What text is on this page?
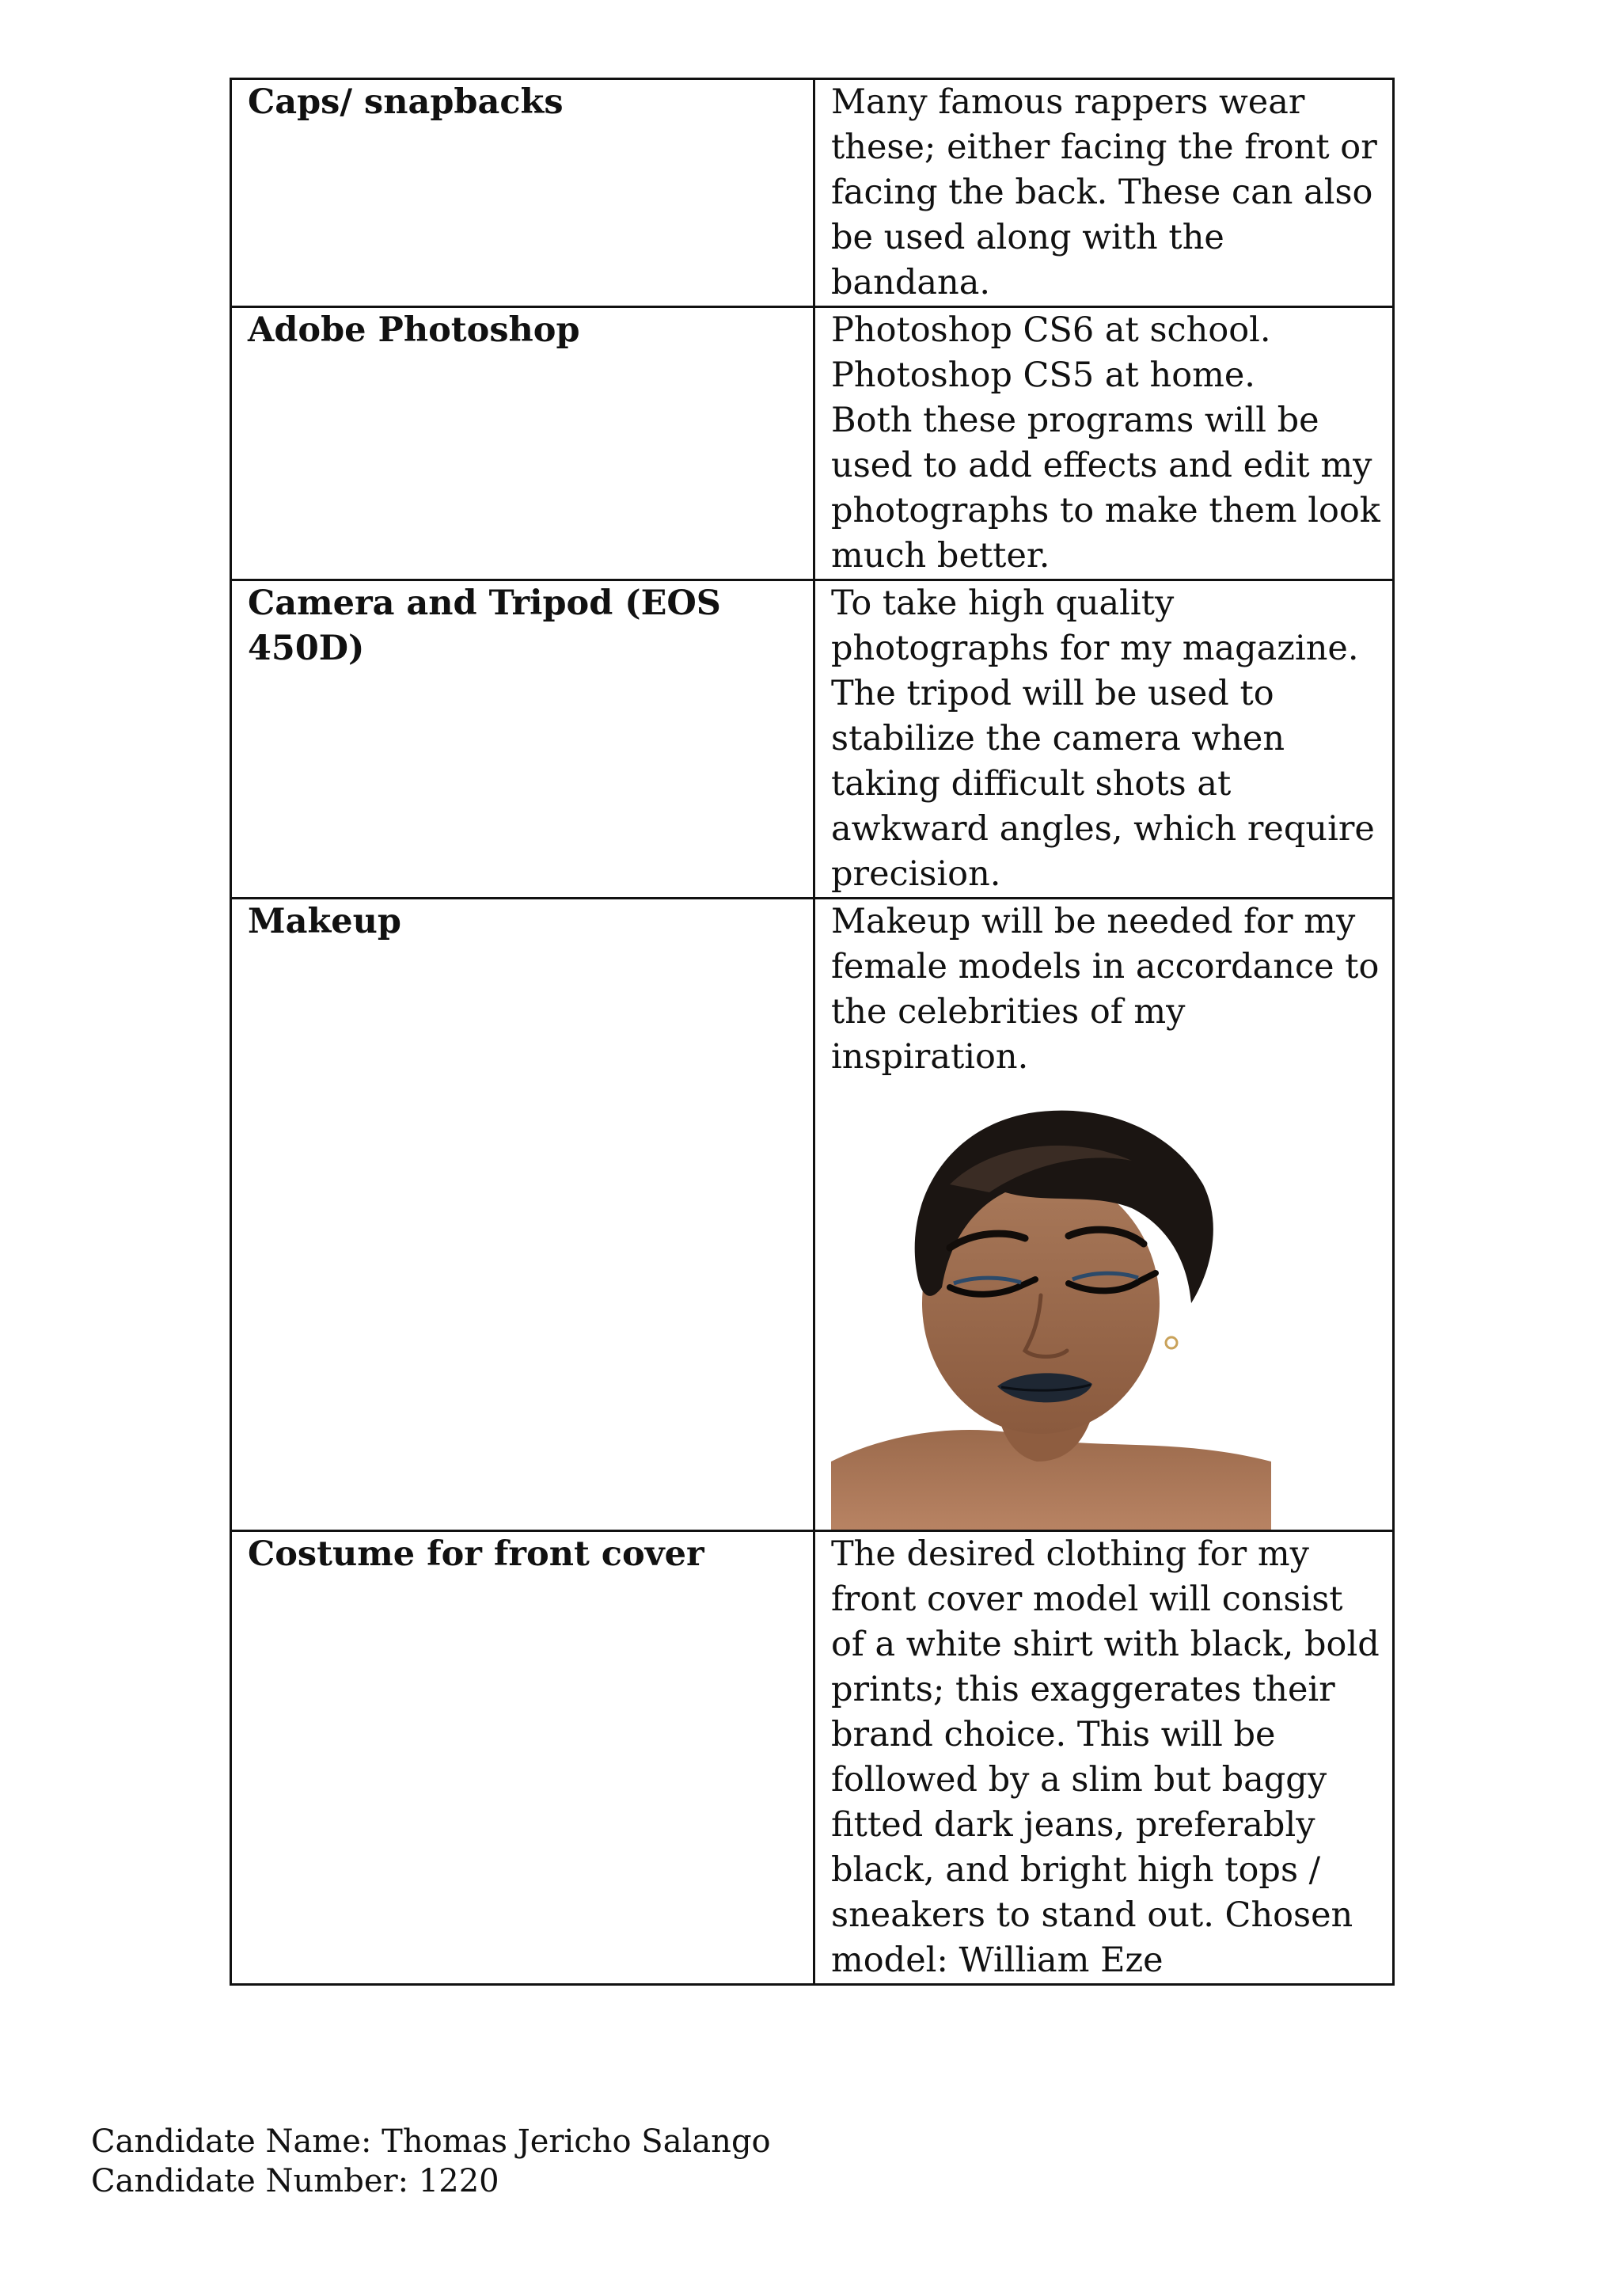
Caps/ snapbacks	Many famous rappers wear these; either facing the front or facing the back. These can also be used along with the bandana.

Adobe Photoshop	Photoshop CS6 at school.
Photoshop CS5 at home.
Both these programs will be used to add effects and edit my photographs to make them look much better.

Camera and Tripod (EOS 450D)	To take high quality photographs for my magazine. The tripod will be used to stabilize the camera when taking difficult shots at awkward angles, which require precision.

Makeup	Makeup will be needed for my female models in accordance to the celebrities of my inspiration.

Costume for front cover	The desired clothing for my front cover model will consist of a white shirt with black, bold prints; this exaggerates their brand choice. This will be followed by a slim but baggy fitted dark jeans, preferably black, and bright high tops / sneakers to stand out. Chosen model: William Eze

Candidate Name: Thomas Jericho Salango
Candidate Number: 1220
